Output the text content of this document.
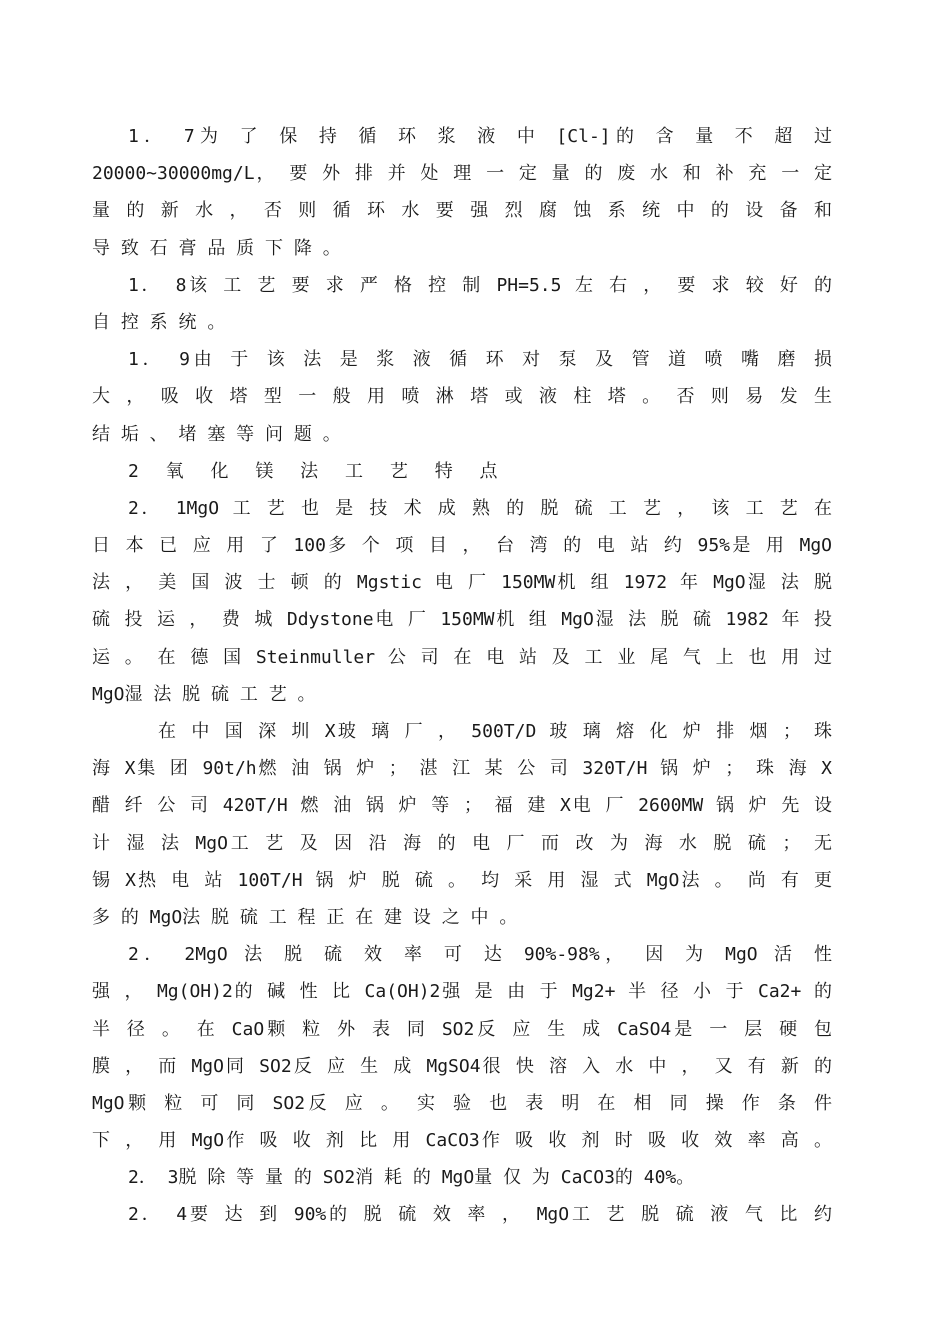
1． 7为 了 保 持 循 环 浆 液 中 [Cl-]的 含 量 不 超 过
20000~30000mg/L， 要 外 排 并 处 理 一 定 量 的 废 水 和 补 充 一 定
量 的 新 水 ， 否 则 循 环 水 要 强 烈 腐 蚀 系 统 中 的 设 备 和
导 致 石 膏 品 质 下 降 。
1． 8该 工 艺 要 求 严 格 控 制 PH=5.5 左 右 ， 要 求 较 好 的
自 控 系 统 。
1． 9由 于 该 法 是 浆 液 循 环 对 泵 及 管 道 喷 嘴 磨 损
大 ， 吸 收 塔 型 一 般 用 喷 淋 塔 或 液 柱 塔 。 否 则 易 发 生
结 垢 、 堵 塞 等 问 题 。
2 氧 化 镁 法 工 艺 特 点
2． 1MgO 工 艺 也 是 技 术 成 熟 的 脱 硫 工 艺 ， 该 工 艺 在
日 本 已 应 用 了 100多 个 项 目 ， 台 湾 的 电 站 约 95%是 用 MgO
法 ， 美 国 波 士 顿 的 Mgstic 电 厂 150MW机 组 1972 年 MgO湿 法 脱
硫 投 运 ， 费 城 Ddystone电 厂 150MW机 组 MgO湿 法 脱 硫 1982 年 投
运 。 在 德 国 Steinmuller 公 司 在 电 站 及 工 业 尾 气 上 也 用 过
MgO湿 法 脱 硫 工 艺 。
在 中 国 深 圳 X玻 璃 厂 ， 500T/D 玻 璃 熔 化 炉 排 烟 ； 珠
海 X集 团 90t/h燃 油 锅 炉 ； 湛 江 某 公 司 320T/H 锅 炉 ； 珠 海 X
醋 纤 公 司 420T/H 燃 油 锅 炉 等 ； 福 建 X电 厂 2600MW 锅 炉 先 设
计 湿 法 MgO工 艺 及 因 沿 海 的 电 厂 而 改 为 海 水 脱 硫 ； 无
锡 X热 电 站 100T/H 锅 炉 脱 硫 。 均 采 用 湿 式 MgO法 。 尚 有 更
多 的 MgO法 脱 硫 工 程 正 在 建 设 之 中 。
2． 2MgO 法 脱 硫 效 率 可 达 90%-98%， 因 为 MgO 活 性
强 ， Mg(OH)2的 碱 性 比 Ca(OH)2强 是 由 于 Mg2+ 半 径 小 于 Ca2+ 的
半 径 。 在 CaO颗 粒 外 表 同 SO2反 应 生 成 CaSO4是 一 层 硬 包
膜 ， 而 MgO同 SO2反 应 生 成 MgSO4很 快 溶 入 水 中 ， 又 有 新 的
MgO颗 粒 可 同 SO2反 应 。 实 验 也 表 明 在 相 同 操 作 条 件
下 ， 用 MgO作 吸 收 剂 比 用 CaCO3作 吸 收 剂 时 吸 收 效 率 高 。
2． 3脱 除 等 量 的 SO2消 耗 的 MgO量 仅 为 CaCO3的 40%。
2． 4要 达 到 90%的 脱 硫 效 率 ， MgO工 艺 脱 硫 液 气 比 约
